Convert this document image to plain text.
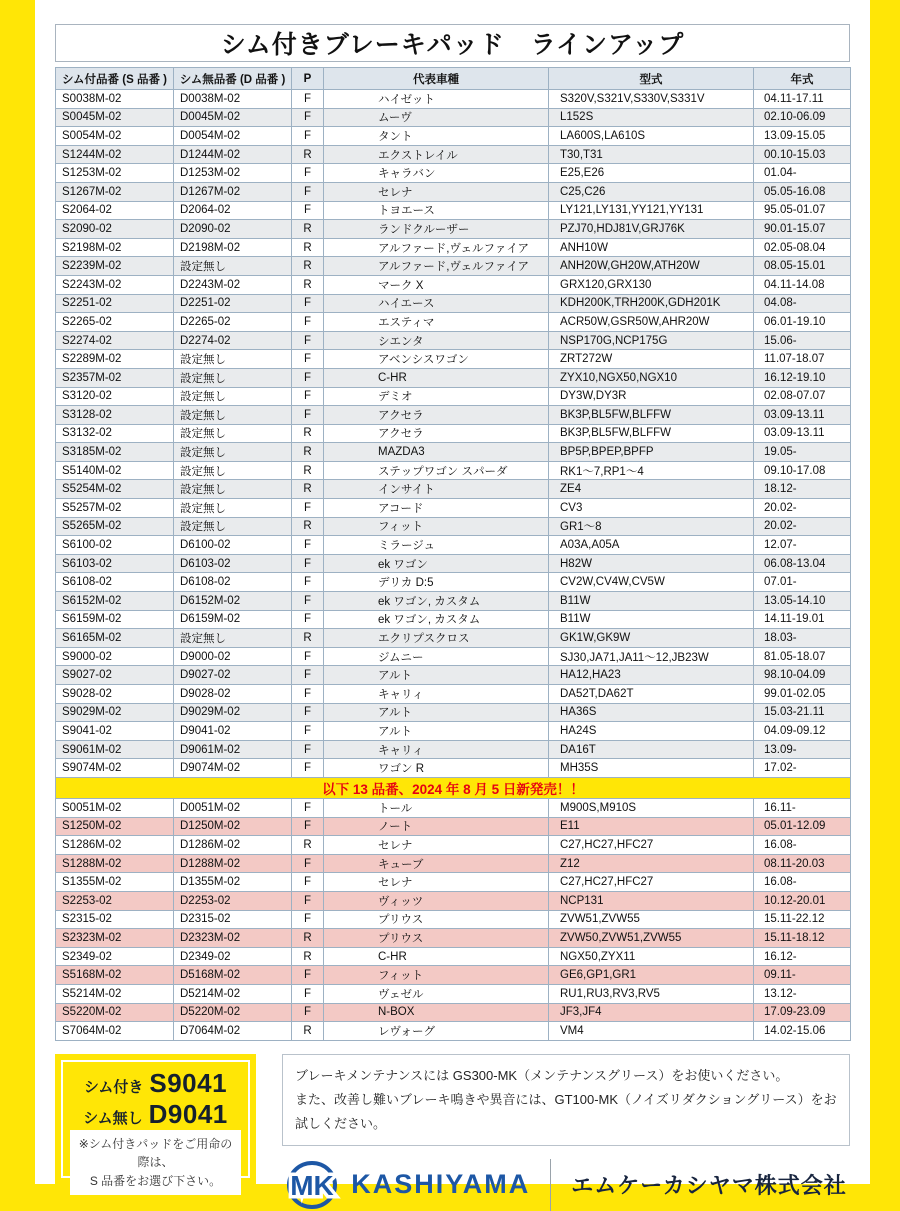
シム付きブレーキパッド　ラインアップ
シム付品番 (S 品番 )	シム無品番 (D 品番 )	P	代表車種	型式	年式
S0038M-02	D0038M-02	F	ハイゼット	S320V,S321V,S330V,S331V	04.11-17.11
S0045M-02	D0045M-02	F	ムーヴ	L152S	02.10-06.09
S0054M-02	D0054M-02	F	タント	LA600S,LA610S	13.09-15.05
S1244M-02	D1244M-02	R	エクストレイル	T30,T31	00.10-15.03
S1253M-02	D1253M-02	F	キャラバン	E25,E26	01.04-
S1267M-02	D1267M-02	F	セレナ	C25,C26	05.05-16.08
S2064-02	D2064-02	F	トヨエース	LY121,LY131,YY121,YY131	95.05-01.07
S2090-02	D2090-02	R	ランドクルーザー	PZJ70,HDJ81V,GRJ76K	90.01-15.07
S2198M-02	D2198M-02	R	アルファード,ヴェルファイア	ANH10W	02.05-08.04
S2239M-02	設定無し	R	アルファード,ヴェルファイア	ANH20W,GH20W,ATH20W	08.05-15.01
S2243M-02	D2243M-02	R	マーク X	GRX120,GRX130	04.11-14.08
S2251-02	D2251-02	F	ハイエース	KDH200K,TRH200K,GDH201K	04.08-
S2265-02	D2265-02	F	エスティマ	ACR50W,GSR50W,AHR20W	06.01-19.10
S2274-02	D2274-02	F	シエンタ	NSP170G,NCP175G	15.06-
S2289M-02	設定無し	F	アベンシスワゴン	ZRT272W	11.07-18.07
S2357M-02	設定無し	F	C-HR	ZYX10,NGX50,NGX10	16.12-19.10
S3120-02	設定無し	F	デミオ	DY3W,DY3R	02.08-07.07
S3128-02	設定無し	F	アクセラ	BK3P,BL5FW,BLFFW	03.09-13.11
S3132-02	設定無し	R	アクセラ	BK3P,BL5FW,BLFFW	03.09-13.11
S3185M-02	設定無し	R	MAZDA3	BP5P,BPEP,BPFP	19.05-
S5140M-02	設定無し	R	ステップワゴン スパーダ	RK1～7,RP1～4	09.10-17.08
S5254M-02	設定無し	R	インサイト	ZE4	18.12-
S5257M-02	設定無し	F	アコード	CV3	20.02-
S5265M-02	設定無し	R	フィット	GR1～8	20.02-
S6100-02	D6100-02	F	ミラージュ	A03A,A05A	12.07-
S6103-02	D6103-02	F	ek ワゴン	H82W	06.08-13.04
S6108-02	D6108-02	F	デリカ D:5	CV2W,CV4W,CV5W	07.01-
S6152M-02	D6152M-02	F	ek ワゴン, カスタム	B11W	13.05-14.10
S6159M-02	D6159M-02	F	ek ワゴン, カスタム	B11W	14.11-19.01
S6165M-02	設定無し	R	エクリプスクロス	GK1W,GK9W	18.03-
S9000-02	D9000-02	F	ジムニー	SJ30,JA71,JA11～12,JB23W	81.05-18.07
S9027-02	D9027-02	F	アルト	HA12,HA23	98.10-04.09
S9028-02	D9028-02	F	キャリィ	DA52T,DA62T	99.01-02.05
S9029M-02	D9029M-02	F	アルト	HA36S	15.03-21.11
S9041-02	D9041-02	F	アルト	HA24S	04.09-09.12
S9061M-02	D9061M-02	F	キャリィ	DA16T	13.09-
S9074M-02	D9074M-02	F	ワゴン R	MH35S	17.02-
以下 13 品番、2024 年 8 月 5 日新発売！！					
S0051M-02	D0051M-02	F	トール	M900S,M910S	16.11-
S1250M-02	D1250M-02	F	ノート	E11	05.01-12.09
S1286M-02	D1286M-02	R	セレナ	C27,HC27,HFC27	16.08-
S1288M-02	D1288M-02	F	キューブ	Z12	08.11-20.03
S1355M-02	D1355M-02	F	セレナ	C27,HC27,HFC27	16.08-
S2253-02	D2253-02	F	ヴィッツ	NCP131	10.12-20.01
S2315-02	D2315-02	F	プリウス	ZVW51,ZVW55	15.11-22.12
S2323M-02	D2323M-02	R	プリウス	ZVW50,ZVW51,ZVW55	15.11-18.12
S2349-02	D2349-02	R	C-HR	NGX50,ZYX11	16.12-
S5168M-02	D5168M-02	F	フィット	GE6,GP1,GR1	09.11-
S5214M-02	D5214M-02	F	ヴェゼル	RU1,RU3,RV3,RV5	13.12-
S5220M-02	D5220M-02	F	N-BOX	JF3,JF4	17.09-23.09
S7064M-02	D7064M-02	R	レヴォーグ	VM4	14.02-15.06
シム付き S9041
シム無し D9041
※シム付きパッドをご用命の際は、
S 品番をお選び下さい。
ブレーキメンテナンスには GS300-MK（メンテナンスグリース）をお使いください。
また、改善し難いブレーキ鳴きや異音には、GT100-MK（ノイズリダクショングリース）をお試しください。
MK KASHIYAMA エムケーカシヤマ株式会社
